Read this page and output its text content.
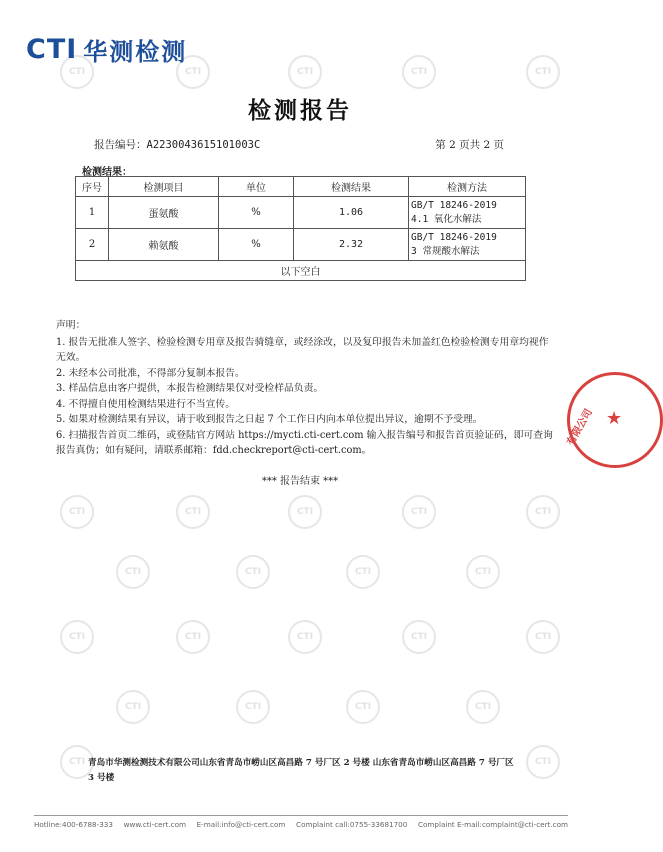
CTI	CTI	CTI	CTI	CTI
CTI	CTI	CTI	CTI	CTI
CTI	CTI	CTI	CTI
CTI	CTI	CTI	CTI	CTI
CTI	CTI	CTI	CTI
CTI	CTI
CTI 华测检测
检测报告
报告编号：A2230043615101003C	第 2 页共 2 页
检测结果：
序号	检测项目	单位	检测结果	检测方法
1	蛋氨酸	%	1.06	GB/T 18246-2019
4.1 氧化水解法

2	赖氨酸	%	2.32	GB/T 18246-2019
3 常规酸水解法

以下空白				
声明：
1. 报告无批准人签字、检验检测专用章及报告骑缝章，或经涂改，以及复印报告未加盖红色检验检测专用章均视作无效。
2. 未经本公司批准，不得部分复制本报告。
3. 样品信息由客户提供，本报告检测结果仅对受检样品负责。
4. 不得擅自使用检测结果进行不当宣传。
5. 如果对检测结果有异议，请于收到报告之日起 7 个工作日内向本单位提出异议，逾期不予受理。
6. 扫描报告首页二维码，或登陆官方网站 https://mycti.cti-cert.com 输入报告编号和报告首页验证码，即可查询报告真伪；如有疑问，请联系邮箱：fdd.checkreport@cti-cert.com。
*** 报告结束 ***
有限公司 ★
青岛市华测检测技术有限公司山东省青岛市崂山区高昌路 7 号厂区 2 号楼 山东省青岛市崂山区高昌路 7 号厂区 3 号楼
Hotline:400-6788-333 www.cti-cert.com E-mail:info@cti-cert.com Complaint call:0755-33681700 Complaint E-mail:complaint@cti-cert.com
